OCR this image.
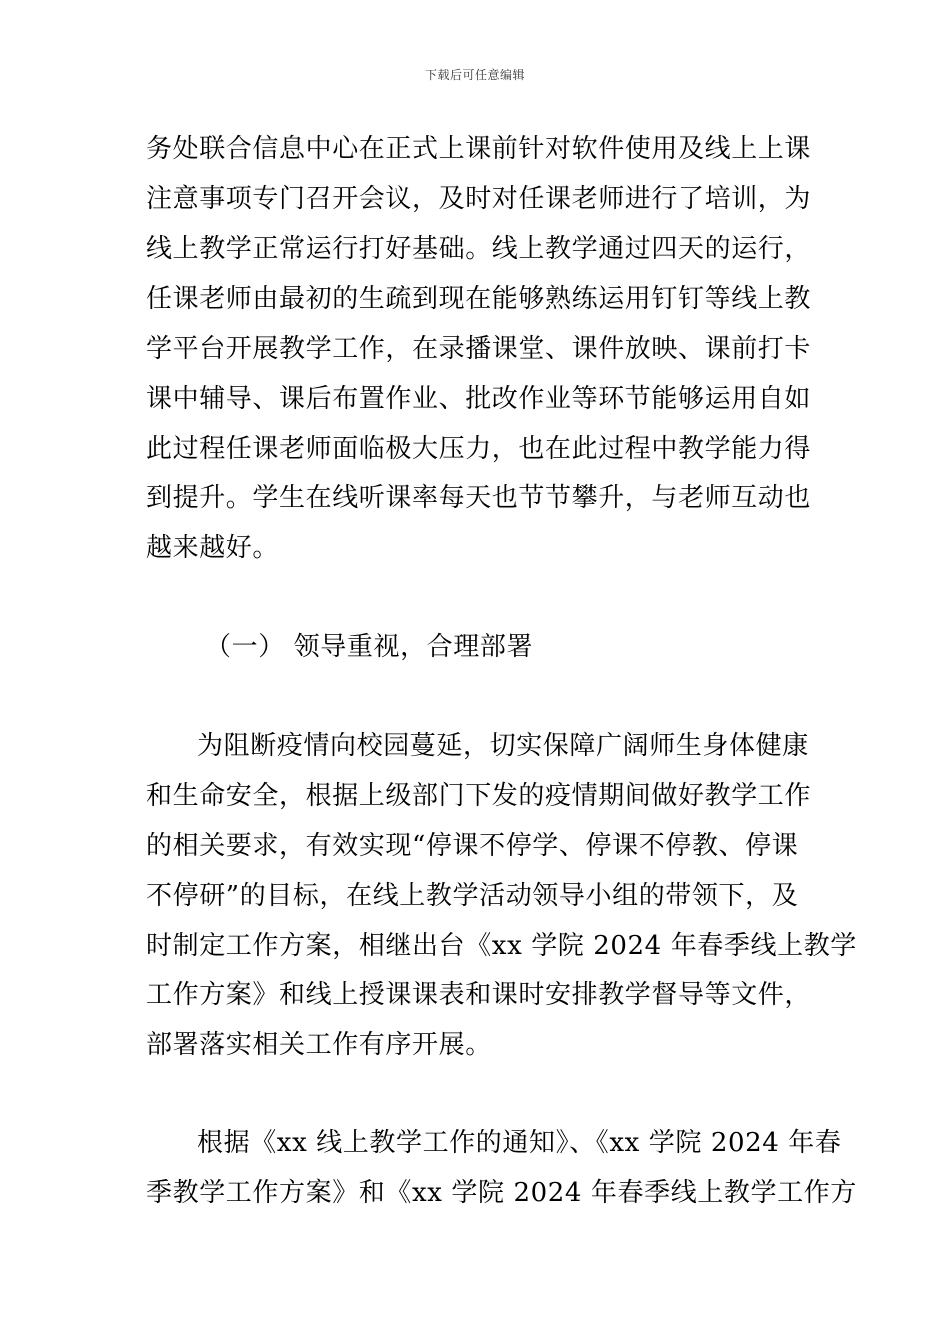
下载后可任意编辑
务处联合信息中心在正式上课前针对软件使用及线上上课
注意事项专门召开会议，及时对任课老师进行了培训，为
线上教学正常运行打好基础。线上教学通过四天的运行，
任课老师由最初的生疏到现在能够熟练运用钉钉等线上教
学平台开展教学工作，在录播课堂、课件放映、课前打卡
课中辅导、课后布置作业、批改作业等环节能够运用自如
此过程任课老师面临极大压力，也在此过程中教学能力得
到提升。学生在线听课率每天也节节攀升，与老师互动也
越来越好。
（一） 领导重视，合理部署
为阻断疫情向校园蔓延，切实保障广阔师生身体健康
和生命安全，根据上级部门下发的疫情期间做好教学工作
的相关要求，有效实现“停课不停学、停课不停教、停课
不停研”的目标，在线上教学活动领导小组的带领下，及
时制定工作方案，相继出台《xx 学院 2024 年春季线上教学
工作方案》和线上授课课表和课时安排教学督导等文件，
部署落实相关工作有序开展。
根据《xx 线上教学工作的通知》、《xx 学院 2024 年春
季教学工作方案》和《xx 学院 2024 年春季线上教学工作方
